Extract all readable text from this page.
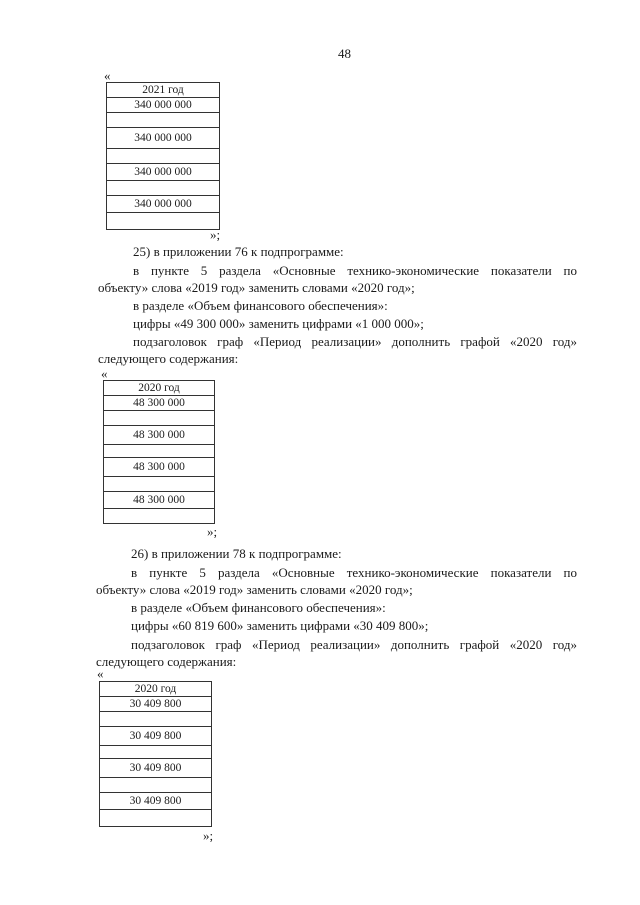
48
«
2021 год
340 000 000

340 000 000

340 000 000

340 000 000

»;
25) в приложении 76 к подпрограмме:
в пункте 5 раздела «Основные технико-экономические показатели по
объекту» слова «2019 год» заменить словами «2020 год»;
в разделе «Объем финансового обеспечения»:
цифры «49 300 000» заменить цифрами «1 000 000»;
подзаголовок граф «Период реализации» дополнить графой «2020 год»
следующего содержания:
«
2020 год
48 300 000

48 300 000

48 300 000

48 300 000

»;
26) в приложении 78 к подпрограмме:
в пункте 5 раздела «Основные технико-экономические показатели по
объекту» слова «2019 год» заменить словами «2020 год»;
в разделе «Объем финансового обеспечения»:
цифры «60 819 600» заменить цифрами «30 409 800»;
подзаголовок граф «Период реализации» дополнить графой «2020 год»
следующего содержания:
«
2020 год
30 409 800

30 409 800

30 409 800

30 409 800

»;
